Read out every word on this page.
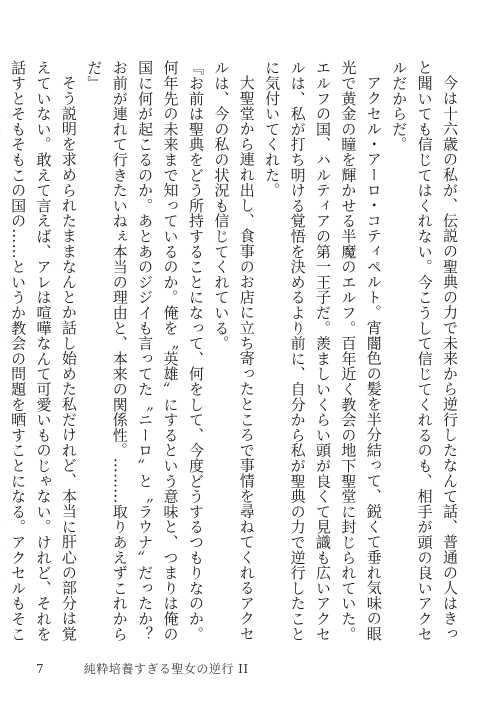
今は十六歳の私が、伝説の聖典の力で未来から逆行したなんて話、普通の人はきっと聞いても信じてはくれない。今こうして信じてくれるのも、相手が頭の良いアクセルだからだ。

アクセル・アーロ・コティペルト。宵闇色の髪を半分結って、鋭くて垂れ気味の眼光で黄金の瞳を輝かせる半魔のエルフ。百年近く教会の地下聖堂に封じられていた。エルフの国、ハルティアの第一王子だ。羨ましいくらい頭が良くて見識も広いアクセルは、私が打ち明ける覚悟を決めるより前に、自分から私が聖典の力で逆行したことに気付いてくれた。

大聖堂から連れ出し、食事のお店に立ち寄ったところで事情を尋ねてくれるアクセルは、今の私の状況も信じてくれている。

『お前は聖典をどう所持することになって、何をして、今度どうするつもりなのか。何年先の未来まで知っているのか。俺を〝英雄〟にするという意味と、つまりは俺の国に何が起こるのか。あとあのジジイも言ってた〝ニーロ〟と〝ラウナ〟だったか？　お前が連れて行きたいねぇ本当の理由と、本来の関係性。………取りあえずこれからだ』

そう説明を求められたままなんとか話し始めた私だけれど、本当に肝心の部分は覚えていない。敢えて言えば、アレは喧嘩なんて可愛いものじゃない。けれど、それを話すとそもそもこの国の……というか教会の問題を晒すことになる。アクセルもそこ

7	純粋培養すぎる聖女の逆行 II
